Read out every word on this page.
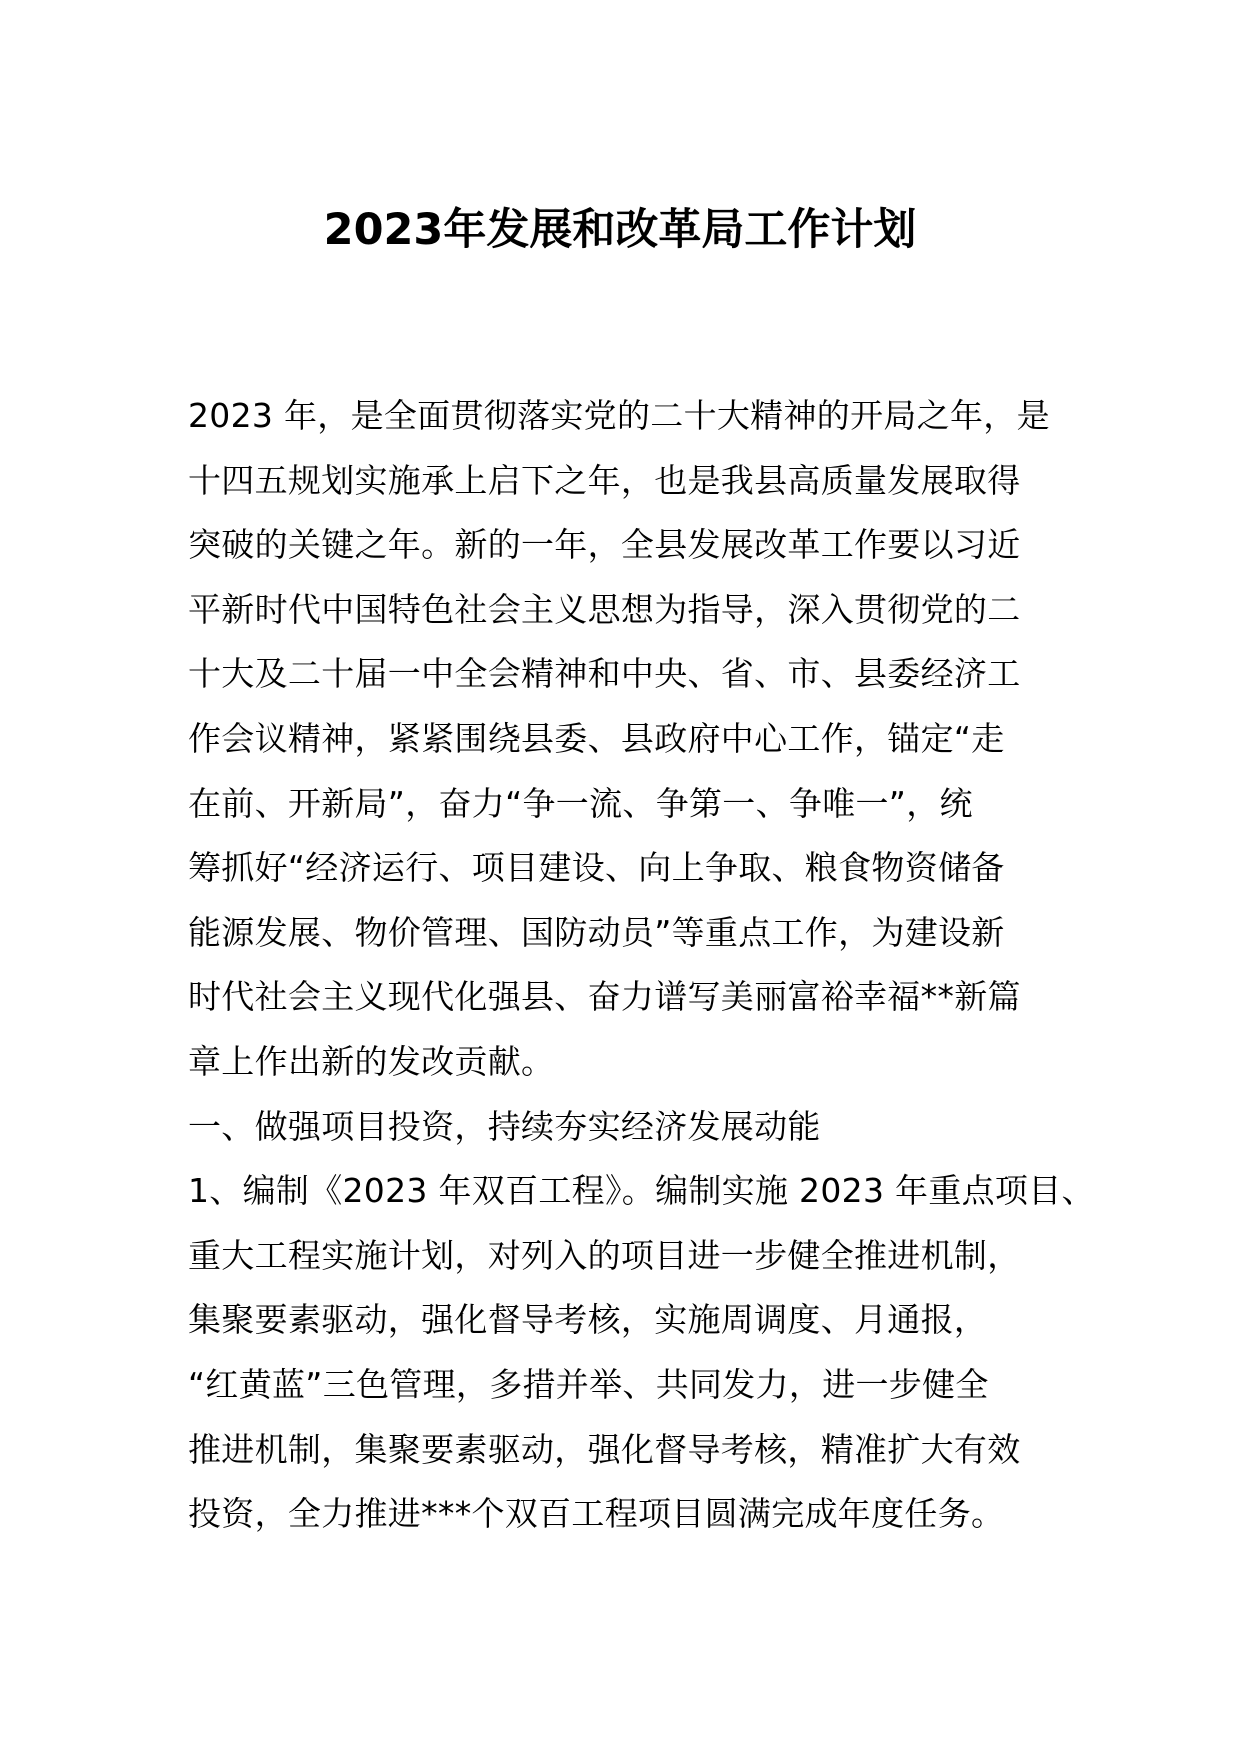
2023年发展和改革局工作计划
2023 年，是全面贯彻落实党的二十大精神的开局之年，是
十四五规划实施承上启下之年，也是我县高质量发展取得
突破的关键之年。新的一年，全县发展改革工作要以习近
平新时代中国特色社会主义思想为指导，深入贯彻党的二
十大及二十届一中全会精神和中央、省、市、县委经济工
作会议精神，紧紧围绕县委、县政府中心工作，锚定“走
在前、开新局”，奋力“争一流、争第一、争唯一”，统
筹抓好“经济运行、项目建设、向上争取、粮食物资储备
能源发展、物价管理、国防动员”等重点工作，为建设新
时代社会主义现代化强县、奋力谱写美丽富裕幸福**新篇
章上作出新的发改贡献。
一、做强项目投资，持续夯实经济发展动能
1、编制《2023 年双百工程》。编制实施 2023 年重点项目、
重大工程实施计划，对列入的项目进一步健全推进机制，
集聚要素驱动，强化督导考核，实施周调度、月通报，
“红黄蓝”三色管理，多措并举、共同发力，进一步健全
推进机制，集聚要素驱动，强化督导考核，精准扩大有效
投资，全力推进***个双百工程项目圆满完成年度任务。
